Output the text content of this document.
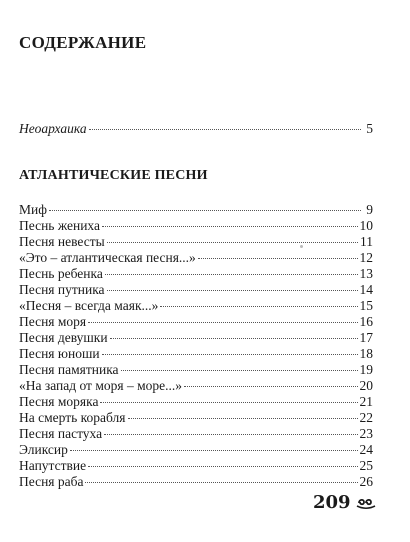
СОДЕРЖАНИЕ
Неоархаика	5
АТЛАНТИЧЕСКИЕ ПЕСНИ
Миф	9
Песнь жениха	10
Песня невесты	11
«Это – атлантическая песня...»	12
Песнь ребенка	13
Песня путника	14
«Песня – всегда маяк...»	15
Песня моря	16
Песня девушки	17
Песня юноши	18
Песня памятника	19
«На запад от моря – море...»	20
Песня моряка	21
На смерть корабля	22
Песня пастуха	23
Эликсир	24
Напутствие	25
Песня раба	26
209
